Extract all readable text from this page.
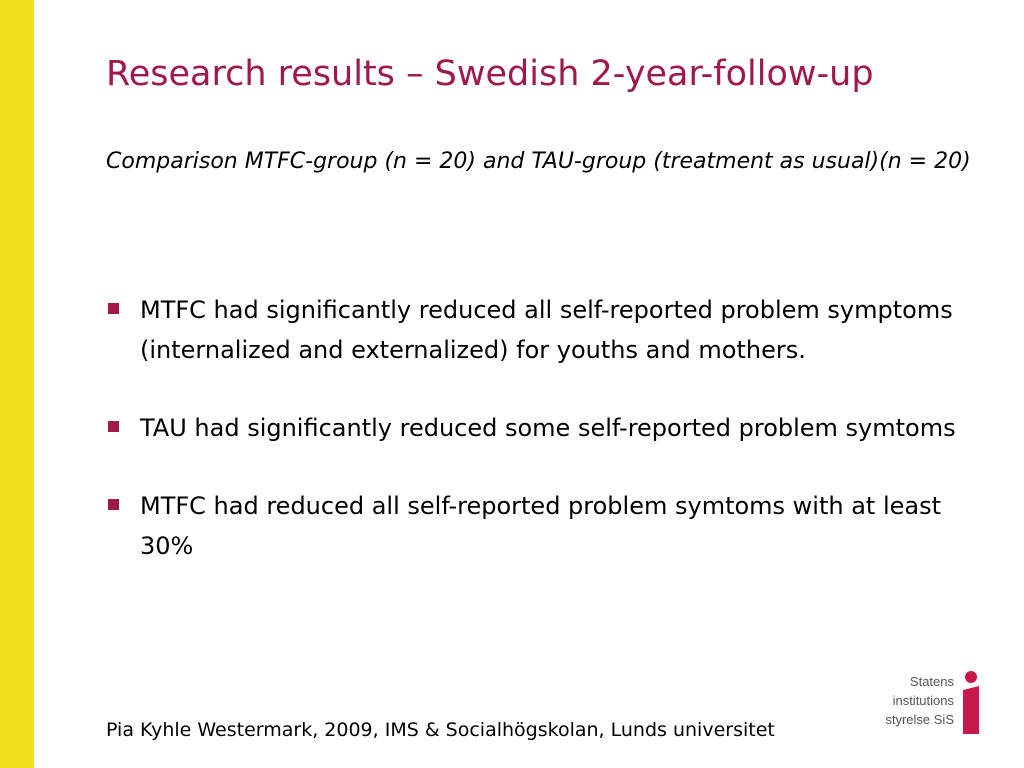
Research results – Swedish 2-year-follow-up

Comparison MTFC-group (n = 20) and TAU-group (treatment as usual)(n = 20)

MTFC had significantly reduced all self-reported problem symptoms (internalized and externalized) for youths and mothers.
TAU had significantly reduced some self-reported problem symtoms
MTFC had reduced all self-reported problem symtoms with at least 30%

Pia Kyhle Westermark, 2009, IMS & Socialhögskolan, Lunds universitet

Statens
institutions
styrelse SiS
